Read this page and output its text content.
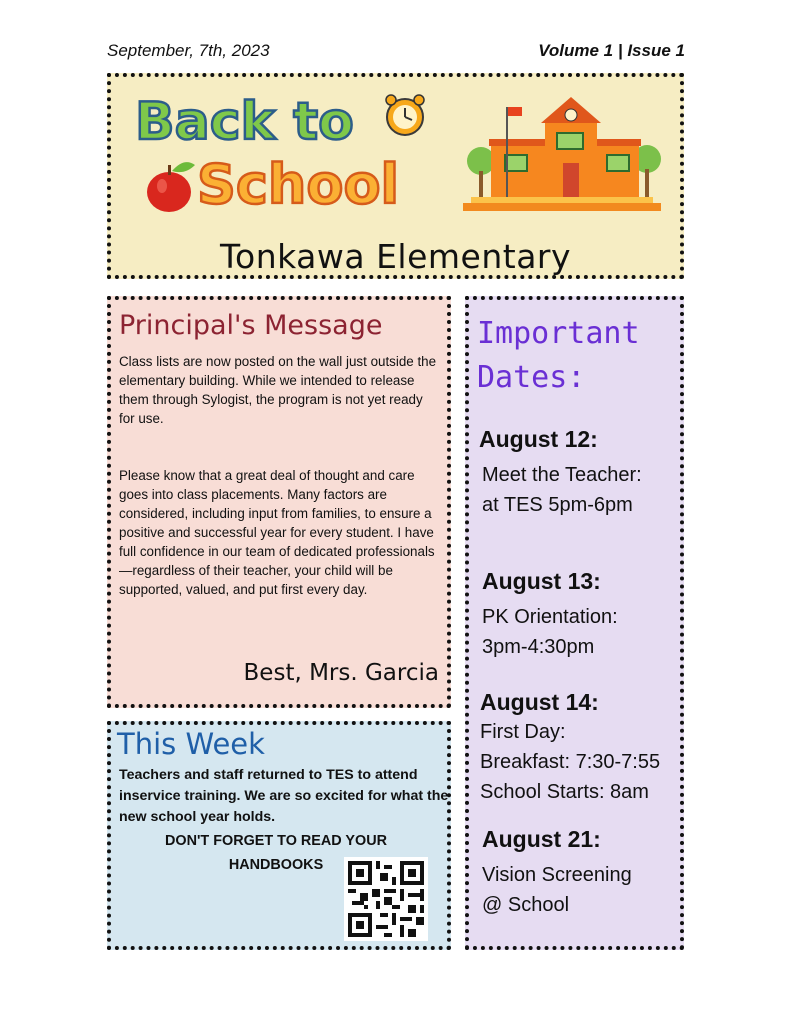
September, 7th, 2023	Volume 1 | Issue 1
Back to
School
Tonkawa Elementary
Principal's Message
Class lists are now posted on the wall just outside the elementary building. While we intended to release them through Sylogist, the program is not yet ready for use.
Please know that a great deal of thought and care goes into class placements. Many factors are considered, including input from families, to ensure a positive and successful year for every student. I have full confidence in our team of dedicated professionals—regardless of their teacher, your child will be supported, valued, and put first every day.
Best, Mrs. Garcia
Important Dates:
August 12:
Meet the Teacher:
at TES 5pm-6pm
August 13:
PK Orientation:
3pm-4:30pm
August 14:
First Day:
Breakfast: 7:30-7:55
School Starts: 8am
August 21:
Vision Screening
@ School
This Week
Teachers and staff returned to TES to attend inservice training. We are so excited for what the new school year holds.
DON'T FORGET TO READ YOUR HANDBOOKS
